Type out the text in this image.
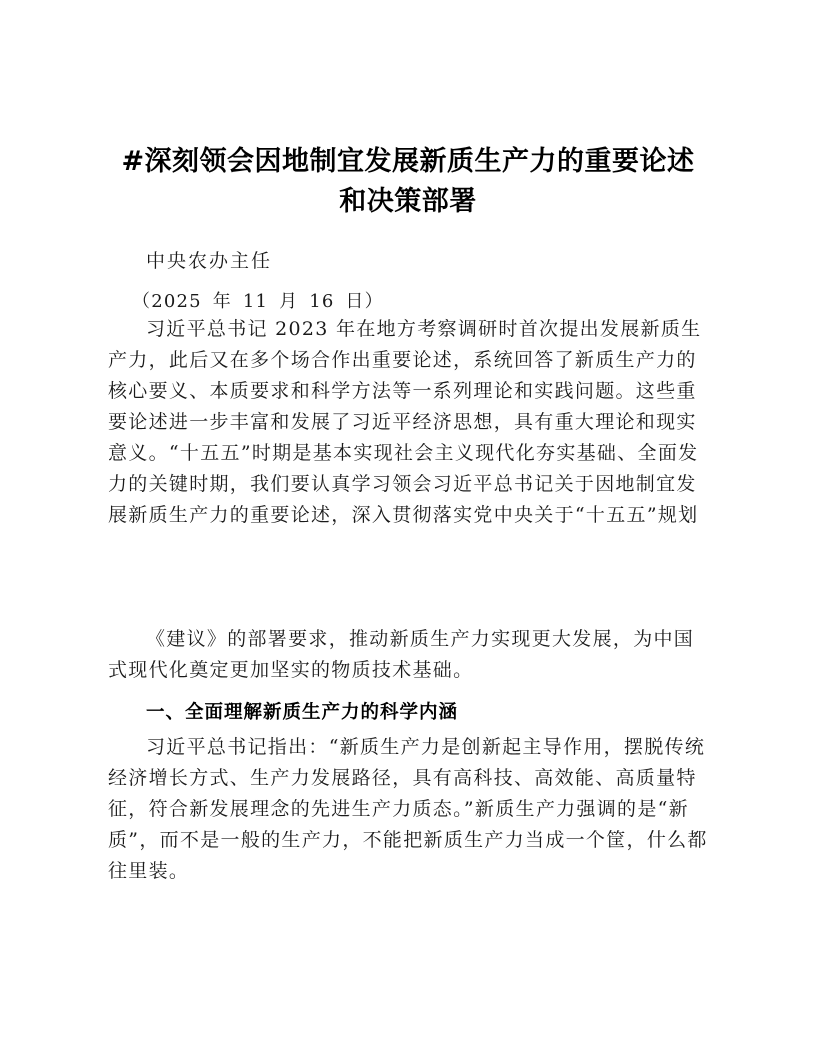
#深刻领会因地制宜发展新质生产力的重要论述
和决策部署
中央农办主任
（2025 年 11 月 16 日）

习近平总书记 2023 年在地方考察调研时首次提出发展新质生产力，此后又在多个场合作出重要论述，系统回答了新质生产力的核心要义、本质要求和科学方法等一系列理论和实践问题。这些重要论述进一步丰富和发展了习近平经济思想，具有重大理论和现实意义。“十五五”时期是基本实现社会主义现代化夯实基础、全面发力的关键时期，我们要认真学习领会习近平总书记关于因地制宜发展新质生产力的重要论述，深入贯彻落实党中央关于“十五五”规划

《建议》的部署要求，推动新质生产力实现更大发展，为中国式现代化奠定更加坚实的物质技术基础。

一、全面理解新质生产力的科学内涵

习近平总书记指出：“新质生产力是创新起主导作用，摆脱传统经济增长方式、生产力发展路径，具有高科技、高效能、高质量特征，符合新发展理念的先进生产力质态。”新质生产力强调的是“新质”，而不是一般的生产力，不能把新质生产力当成一个筐，什么都往里装。
